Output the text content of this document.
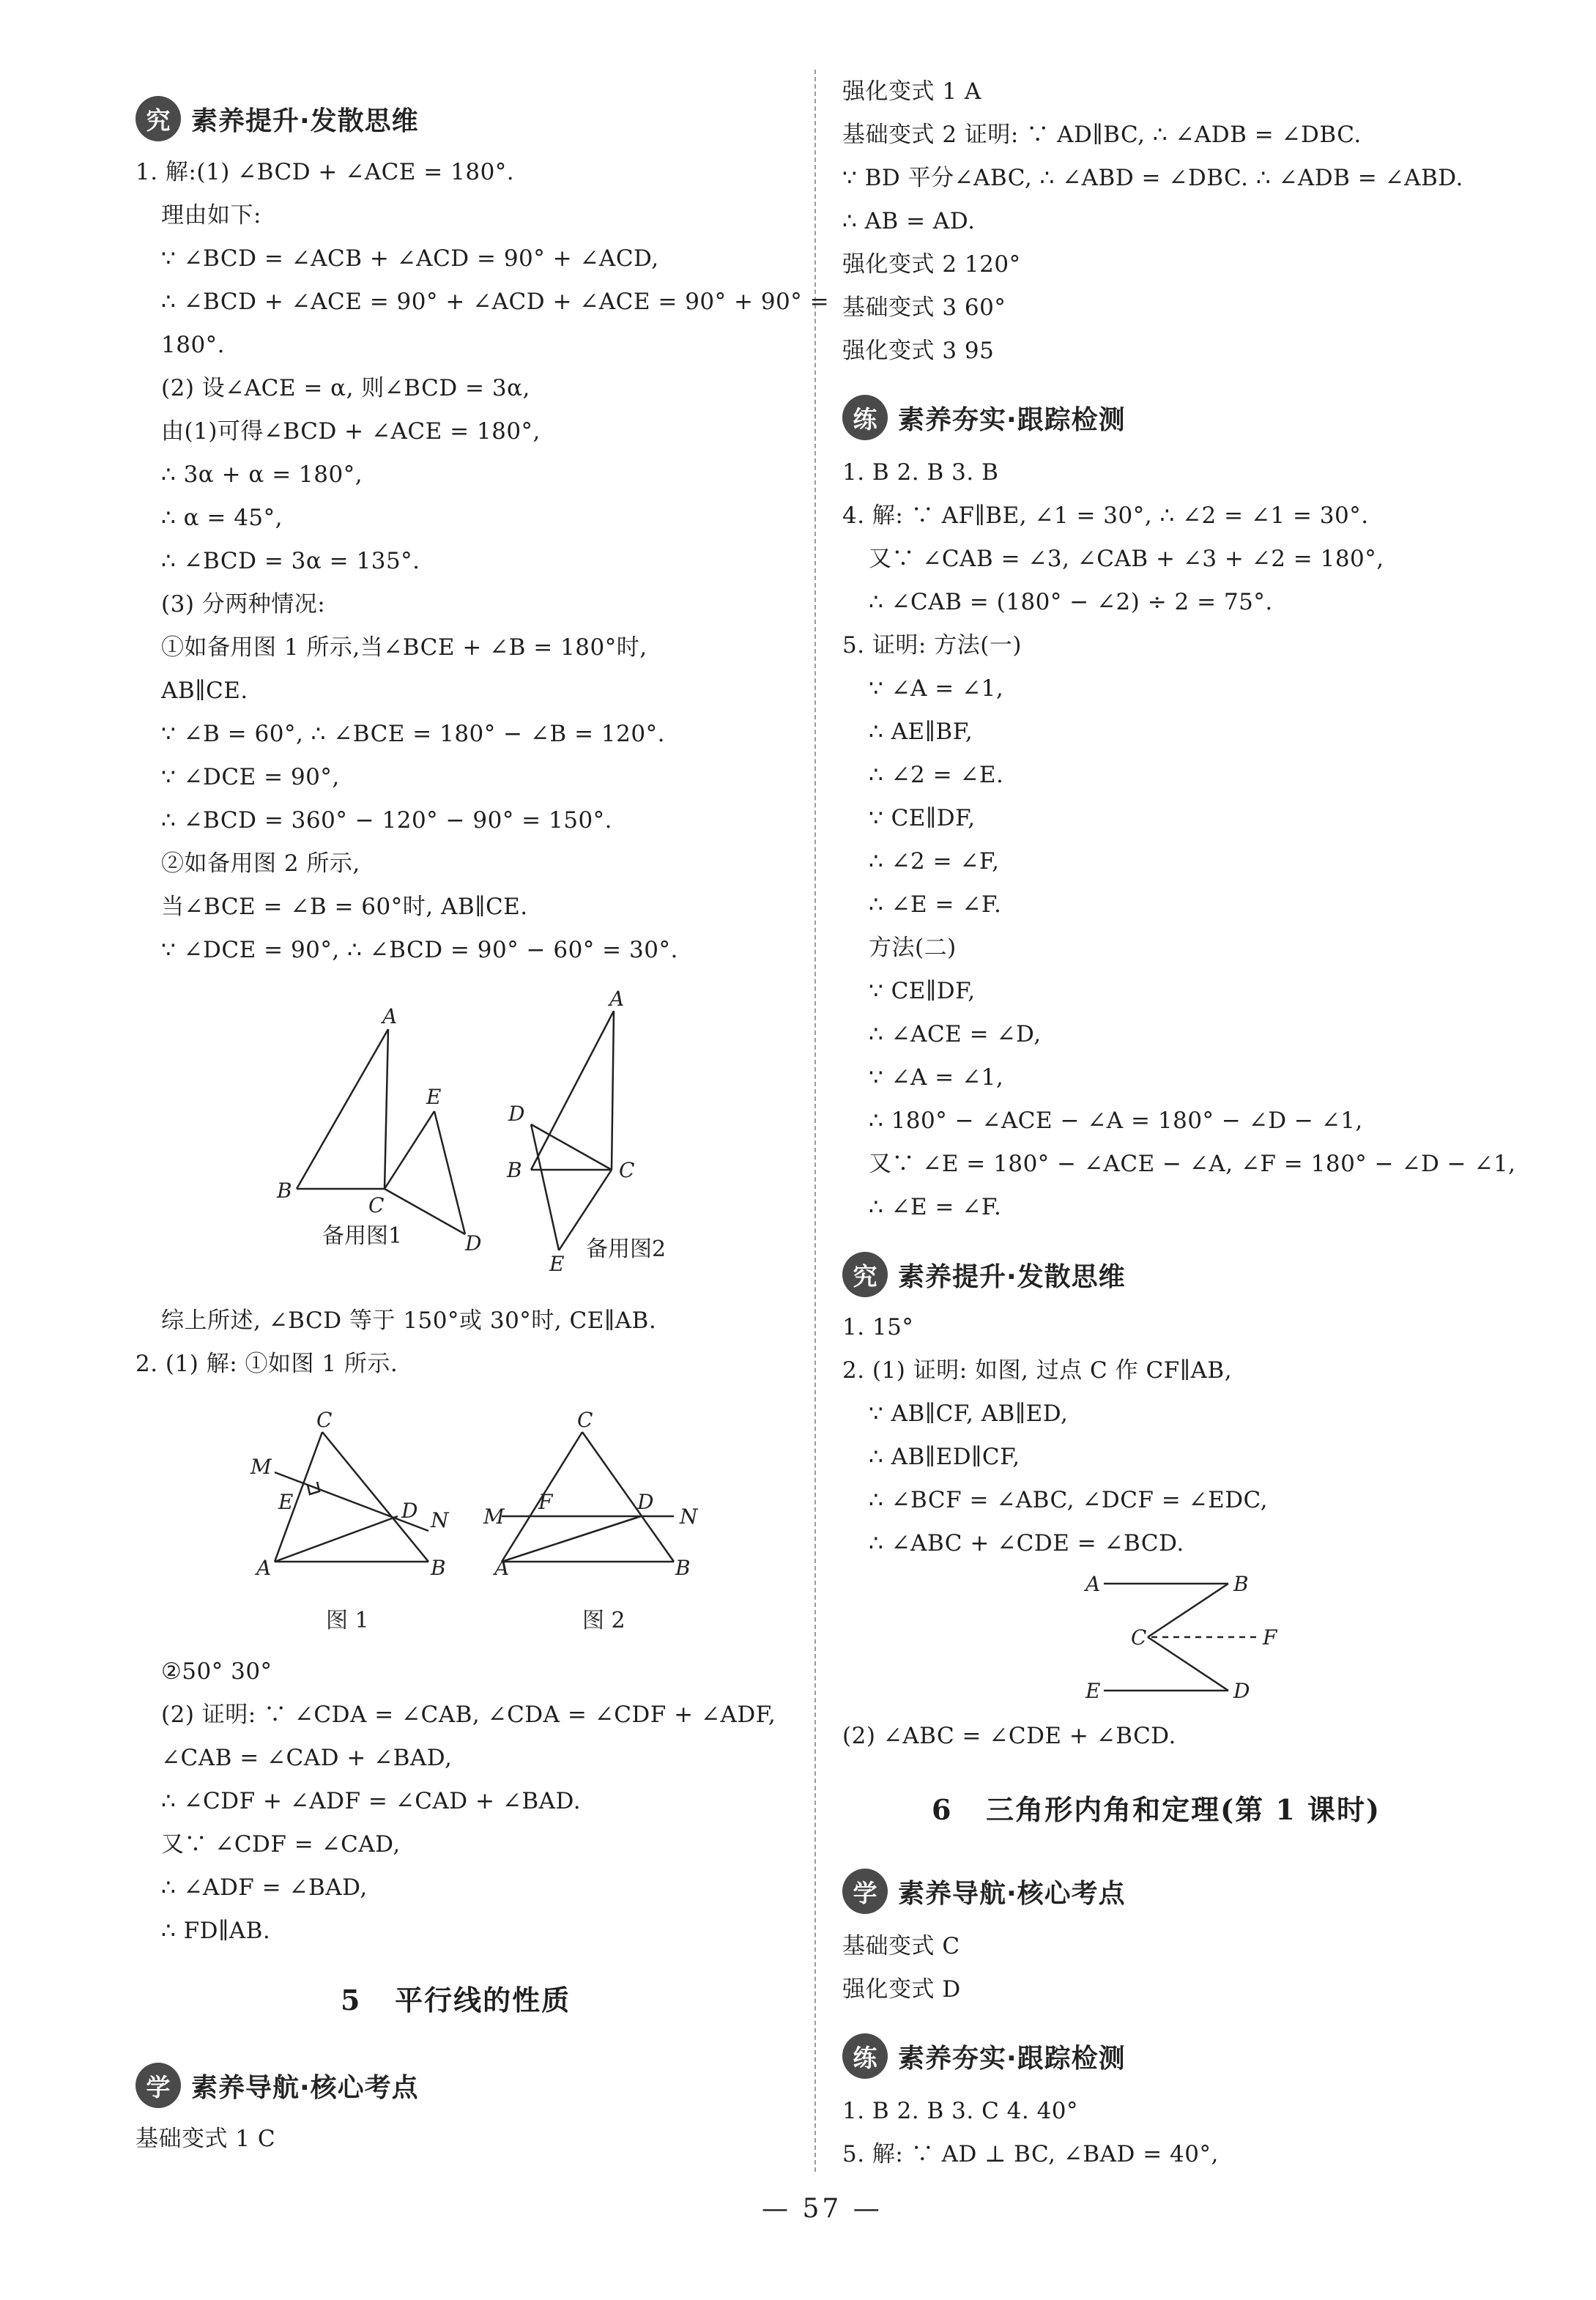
究 素养提升·发散思维
1. 解:(1) ∠BCD + ∠ACE = 180°.
理由如下:
∵ ∠BCD = ∠ACB + ∠ACD = 90° + ∠ACD,
∴ ∠BCD + ∠ACE = 90° + ∠ACD + ∠ACE = 90° + 90° =
180°.
(2) 设∠ACE = α, 则∠BCD = 3α,
由(1)可得∠BCD + ∠ACE = 180°,
∴ 3α + α = 180°,
∴ α = 45°,
∴ ∠BCD = 3α = 135°.
(3) 分两种情况:
①如备用图 1 所示,当∠BCE + ∠B = 180°时,
AB∥CE.
∵ ∠B = 60°, ∴ ∠BCE = 180° − ∠B = 120°.
∵ ∠DCE = 90°,
∴ ∠BCD = 360° − 120° − 90° = 150°.
②如备用图 2 所示,
当∠BCE = ∠B = 60°时, AB∥CE.
∵ ∠DCE = 90°, ∴ ∠BCD = 90° − 60° = 30°.
A
B
C
E
D
备用图1
A
D
B	C
E
备用图2
综上所述, ∠BCD 等于 150°或 30°时, CE∥AB.
2. (1) 解: ①如图 1 所示.
C
M
E	D N
A	B
图 1
C
M
F	D
N
A	B
图 2
②50° 30°
(2) 证明: ∵ ∠CDA = ∠CAB, ∠CDA = ∠CDF + ∠ADF,
∠CAB = ∠CAD + ∠BAD,
∴ ∠CDF + ∠ADF = ∠CAD + ∠BAD.
又∵ ∠CDF = ∠CAD,
∴ ∠ADF = ∠BAD,
∴ FD∥AB.
5 平行线的性质
学 素养导航·核心考点
基础变式 1 C
强化变式 1 A
基础变式 2 证明: ∵ AD∥BC, ∴ ∠ADB = ∠DBC.
∵ BD 平分∠ABC, ∴ ∠ABD = ∠DBC. ∴ ∠ADB = ∠ABD.
∴ AB = AD.
强化变式 2 120°
基础变式 3 60°
强化变式 3 95
练 素养夯实·跟踪检测
1. B 2. B 3. B
4. 解: ∵ AF∥BE, ∠1 = 30°, ∴ ∠2 = ∠1 = 30°.
又∵ ∠CAB = ∠3, ∠CAB + ∠3 + ∠2 = 180°,
∴ ∠CAB = (180° − ∠2) ÷ 2 = 75°.
5. 证明: 方法(一)
∵ ∠A = ∠1,
∴ AE∥BF,
∴ ∠2 = ∠E.
∵ CE∥DF,
∴ ∠2 = ∠F,
∴ ∠E = ∠F.
方法(二)
∵ CE∥DF,
∴ ∠ACE = ∠D,
∵ ∠A = ∠1,
∴ 180° − ∠ACE − ∠A = 180° − ∠D − ∠1,
又∵ ∠E = 180° − ∠ACE − ∠A, ∠F = 180° − ∠D − ∠1,
∴ ∠E = ∠F.
究 素养提升·发散思维
1. 15°
2. (1) 证明: 如图, 过点 C 作 CF∥AB,
∵ AB∥CF, AB∥ED,
∴ AB∥ED∥CF,
∴ ∠BCF = ∠ABC, ∠DCF = ∠EDC,
∴ ∠ABC + ∠CDE = ∠BCD.
A	B
C	F
E	D
(2) ∠ABC = ∠CDE + ∠BCD.
6 三角形内角和定理(第 1 课时)
学 素养导航·核心考点
基础变式 C
强化变式 D
练 素养夯实·跟踪检测
1. B 2. B 3. C 4. 40°
5. 解: ∵ AD ⊥ BC, ∠BAD = 40°,
— 57 —
